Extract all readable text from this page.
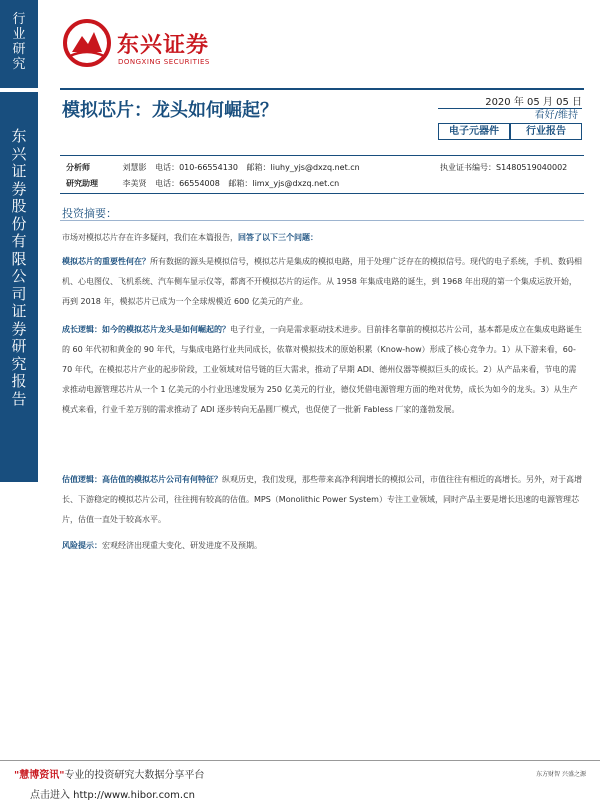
行业研究
东兴证券股份有限公司证券研究报告
东兴证券
DONGXING SECURITIES
模拟芯片：龙头如何崛起？	2020 年 05 月 05 日
看好/维持
电子元器件	行业报告
分析师	刘慧影 电话：010-66554130 邮箱：liuhy_yjs@dxzq.net.cn	执业证书编号：S1480519040002
研究助理	李美贤 电话：66554008 邮箱：limx_yjs@dxzq.net.cn
投资摘要：
市场对模拟芯片存在许多疑问，我们在本篇报告，回答了以下三个问题：
模拟芯片的重要性何在？所有数据的源头是模拟信号，模拟芯片是集成的模拟电路，用于处理广泛存在的模拟信号。现代的电子系统，手机、数码相机、心电图仪、飞机系统、汽车侧车显示仪等，都离不开模拟芯片的运作。从 1958 年集成电路的诞生，到 1968 年出现的第一个集成运放开始，再到 2018 年，模拟芯片已成为一个全球规模近 600 亿美元的产业。
成长逻辑：如今的模拟芯片龙头是如何崛起的？电子行业，一向是需求驱动技术进步。目前排名靠前的模拟芯片公司，基本都是成立在集成电路诞生的 60 年代初和黄金的 90 年代，与集成电路行业共同成长，依靠对模拟技术的原始积累（Know-how）形成了核心竞争力。1）从下游来看，60-70 年代，在模拟芯片产业的起步阶段，工业领域对信号链的巨大需求，推动了早期 ADI、德州仪器等模拟巨头的成长。2）从产品来看，节电的需求推动电源管理芯片从一个 1 亿美元的小行业迅速发展为 250 亿美元的行业，德仪凭借电源管理方面的绝对优势，成长为如今的龙头。3）从生产模式来看，行业千差万别的需求推动了 ADI 逐步转向无晶圆厂模式，也促使了一批新 Fabless 厂家的蓬勃发展。
估值逻辑：高估值的模拟芯片公司有何特征？纵观历史，我们发现，那些带来高净利润增长的模拟公司，市值往往有相近的高增长。另外，对于高增长、下游稳定的模拟芯片公司，往往拥有较高的估值。MPS（Monolithic Power System）专注工业领域，同时产品主要是增长迅速的电源管理芯片，估值一直处于较高水平。
风险提示：宏观经济出现重大变化、研发进度不及预期。
"慧博资讯"专业的投资研究大数据分享平台	东方财智 兴盛之源
点击进入 http://www.hibor.com.cn
